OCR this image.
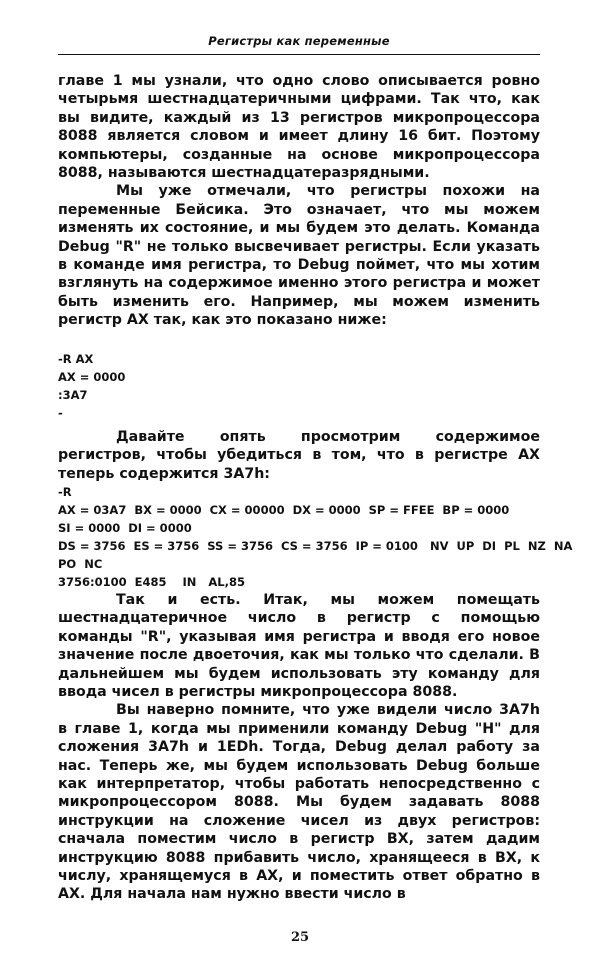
Регистры как переменные

главе 1 мы узнали, что одно слово описывается ровно четырьмя шестнадцатеричными цифрами. Так что, как вы видите, каждый из 13 регистров микропроцессора 8088 является словом и имеет длину 16 бит. Поэтому компьютеры, созданные на основе микропроцессора 8088, называются шестнадцатеразрядными.

Мы уже отмечали, что регистры похожи на переменные Бейсика. Это означает, что мы можем изменять их состояние, и мы будем это делать. Команда Debug "R" не только высвечивает регистры. Если указать в команде имя регистра, то Debug поймет, что мы хотим взглянуть на содержимое именно этого регистра и может быть изменить его. Например, мы можем изменить регистр AX так, как это показано ниже:

-R AX

AX = 0000

:3A7

-

Давайте опять просмотрим содержимое регистров, чтобы убедиться в том, что в регистре AX теперь содержится 3A7h:

-R

AX = 03A7  BX = 0000  CX = 00000  DX = 0000  SP = FFEE  BP = 0000

SI = 0000  DI = 0000

DS = 3756  ES = 3756  SS = 3756  CS = 3756  IP = 0100   NV  UP  DI  PL  NZ  NA

PO  NC

3756:0100  E485    IN   AL,85

Так и есть. Итак, мы можем помещать шестнадцатеричное число в регистр с помощью команды "R", указывая имя регистра и вводя его новое значение после двоеточия, как мы только что сделали. В дальнейшем мы будем использовать эту команду для ввода чисел в регистры микропроцессора 8088.

Вы наверно помните, что уже видели число 3A7h в главе 1, когда мы применили команду Debug "H" для сложения 3A7h и 1EDh. Тогда, Debug делал работу за нас. Теперь же, мы будем использовать Debug больше как интерпретатор, чтобы работать непосредственно с микропроцессором 8088. Мы будем задавать 8088 инструкции на сложение чисел из двух регистров: сначала поместим число в регистр BX, затем дадим инструкцию 8088 прибавить число, хранящееся в BX, к числу, хранящемуся в AX, и поместить ответ обратно в AX. Для начала нам нужно ввести число в

25
